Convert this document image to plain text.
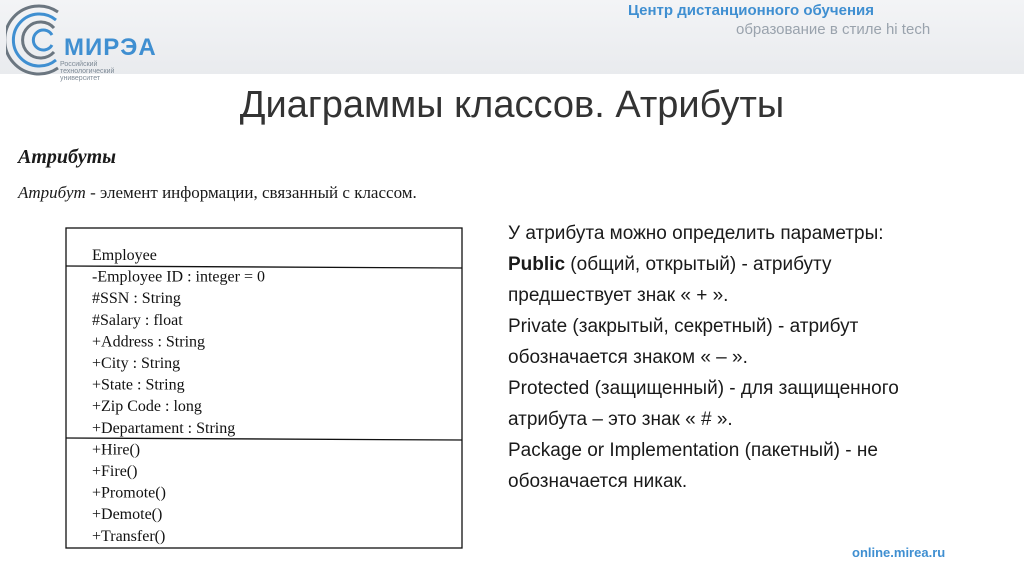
МИРЭА
Российский
технологический
университет
Центр дистанционного обучения
образование в стиле hi tech
Диаграммы классов. Атрибуты
Атрибуты
Атрибут - элемент информации, связанный с классом.
Employee
-Employee ID : integer = 0
#SSN : String
#Salary : float
+Address : String
+City : String
+State : String
+Zip Code : long
+Departament : String
+Hire()
+Fire()
+Promote()
+Demote()
+Transfer()
У атрибута можно определить параметры:
Public (общий, открытый) - атрибуту
предшествует знак « + ».
Private (закрытый, секретный) - атрибут
обозначается знаком « – ».
Protected (защищенный) - для защищенного
атрибута – это знак « # ».
Package or Implementation (пакетный) - не
обозначается никак.
online.mirea.ru
